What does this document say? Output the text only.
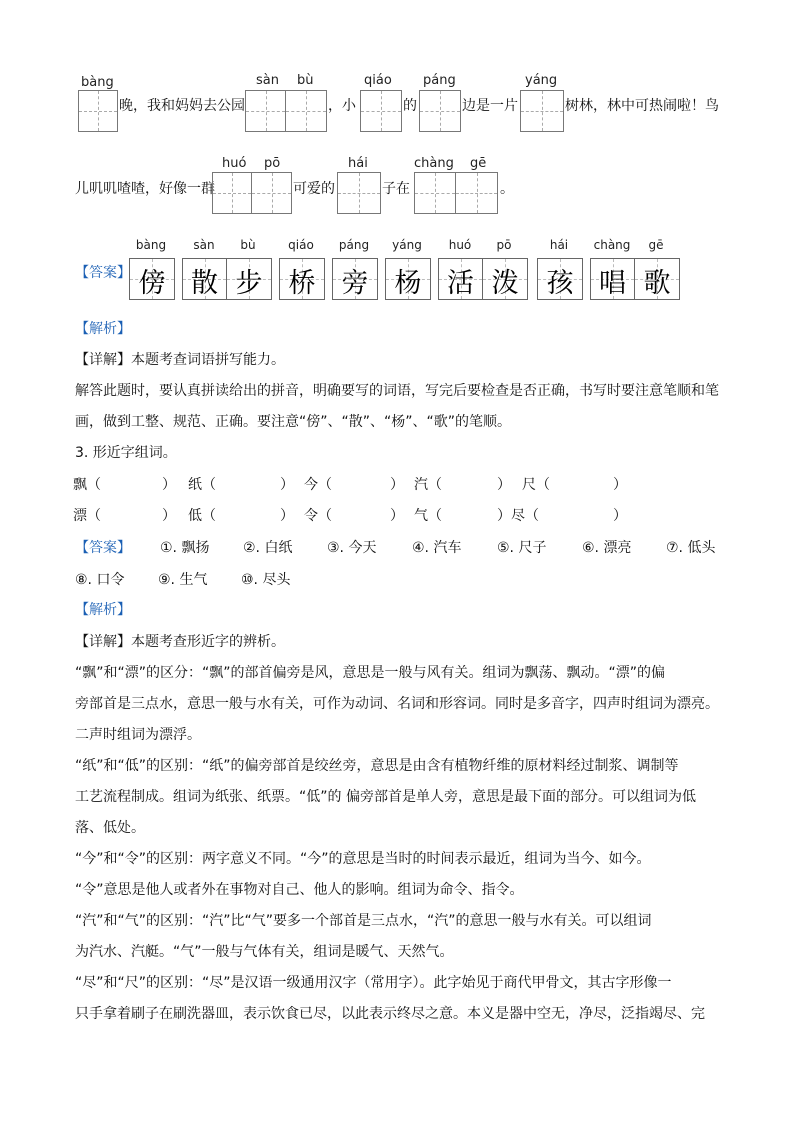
bàng
晚，我和妈妈去公园
sàn bù
，小
qiáo
的
páng
边是一片
yáng
树林，林中可热闹啦！鸟
儿叽叽喳喳，好像一群
huó pō
可爱的
hái
子在
chàng gē
。
【答案】
bàng	sàn	bù	qiáo	páng	yáng	huó	pō	hái	chàng	gē
傍 散 步 桥 旁 杨 活 泼	孩 唱 歌
【解析】
【详解】本题考查词语拼写能力。
解答此题时，要认真拼读给出的拼音，明确要写的词语，写完后要检查是否正确，书写时要注意笔顺和笔
画，做到工整、规范、正确。要注意“傍”、“散”、“杨”、“歌”的笔顺。
3. 形近字组词。
飘（	） 纸（	） 今（	） 汽（	） 尺（	）
漂（	） 低（	） 令（	） 气（	） 尽（	）
【答案】 ①. 飘扬 ②. 白纸 ③. 今天	④. 汽车	⑤. 尺子	⑥. 漂亮 ⑦. 低头
⑧. 口令 ⑨. 生气 ⑩. 尽头
【解析】
【详解】本题考查形近字的辨析。
“飘”和“漂”的区分：“飘”的部首偏旁是风，意思是一般与风有关。组词为飘荡、飘动。“漂”的偏
旁部首是三点水，意思一般与水有关，可作为动词、名词和形容词。同时是多音字，四声时组词为漂亮。
二声时组词为漂浮。
“纸”和“低”的区别：“纸”的偏旁部首是绞丝旁，意思是由含有植物纤维的原材料经过制浆、调制等
工艺流程制成。组词为纸张、纸票。“低”的 偏旁部首是单人旁，意思是最下面的部分。可以组词为低
落、低处。
“今”和“令”的区别：两字意义不同。“今”的意思是当时的时间表示最近，组词为当今、如今。
“令”意思是他人或者外在事物对自己、他人的影响。组词为命令、指令。
“汽”和“气”的区别：“汽”比“气”要多一个部首是三点水，“汽”的意思一般与水有关。可以组词
为汽水、汽艇。“气”一般与气体有关，组词是暖气、天然气。
“尽”和“尺”的区别：“尽”是汉语一级通用汉字（常用字）。此字始见于商代甲骨文，其古字形像一
只手拿着刷子在刷洗器皿，表示饮食已尽，以此表示终尽之意。本义是器中空无，净尽，泛指竭尽、完
